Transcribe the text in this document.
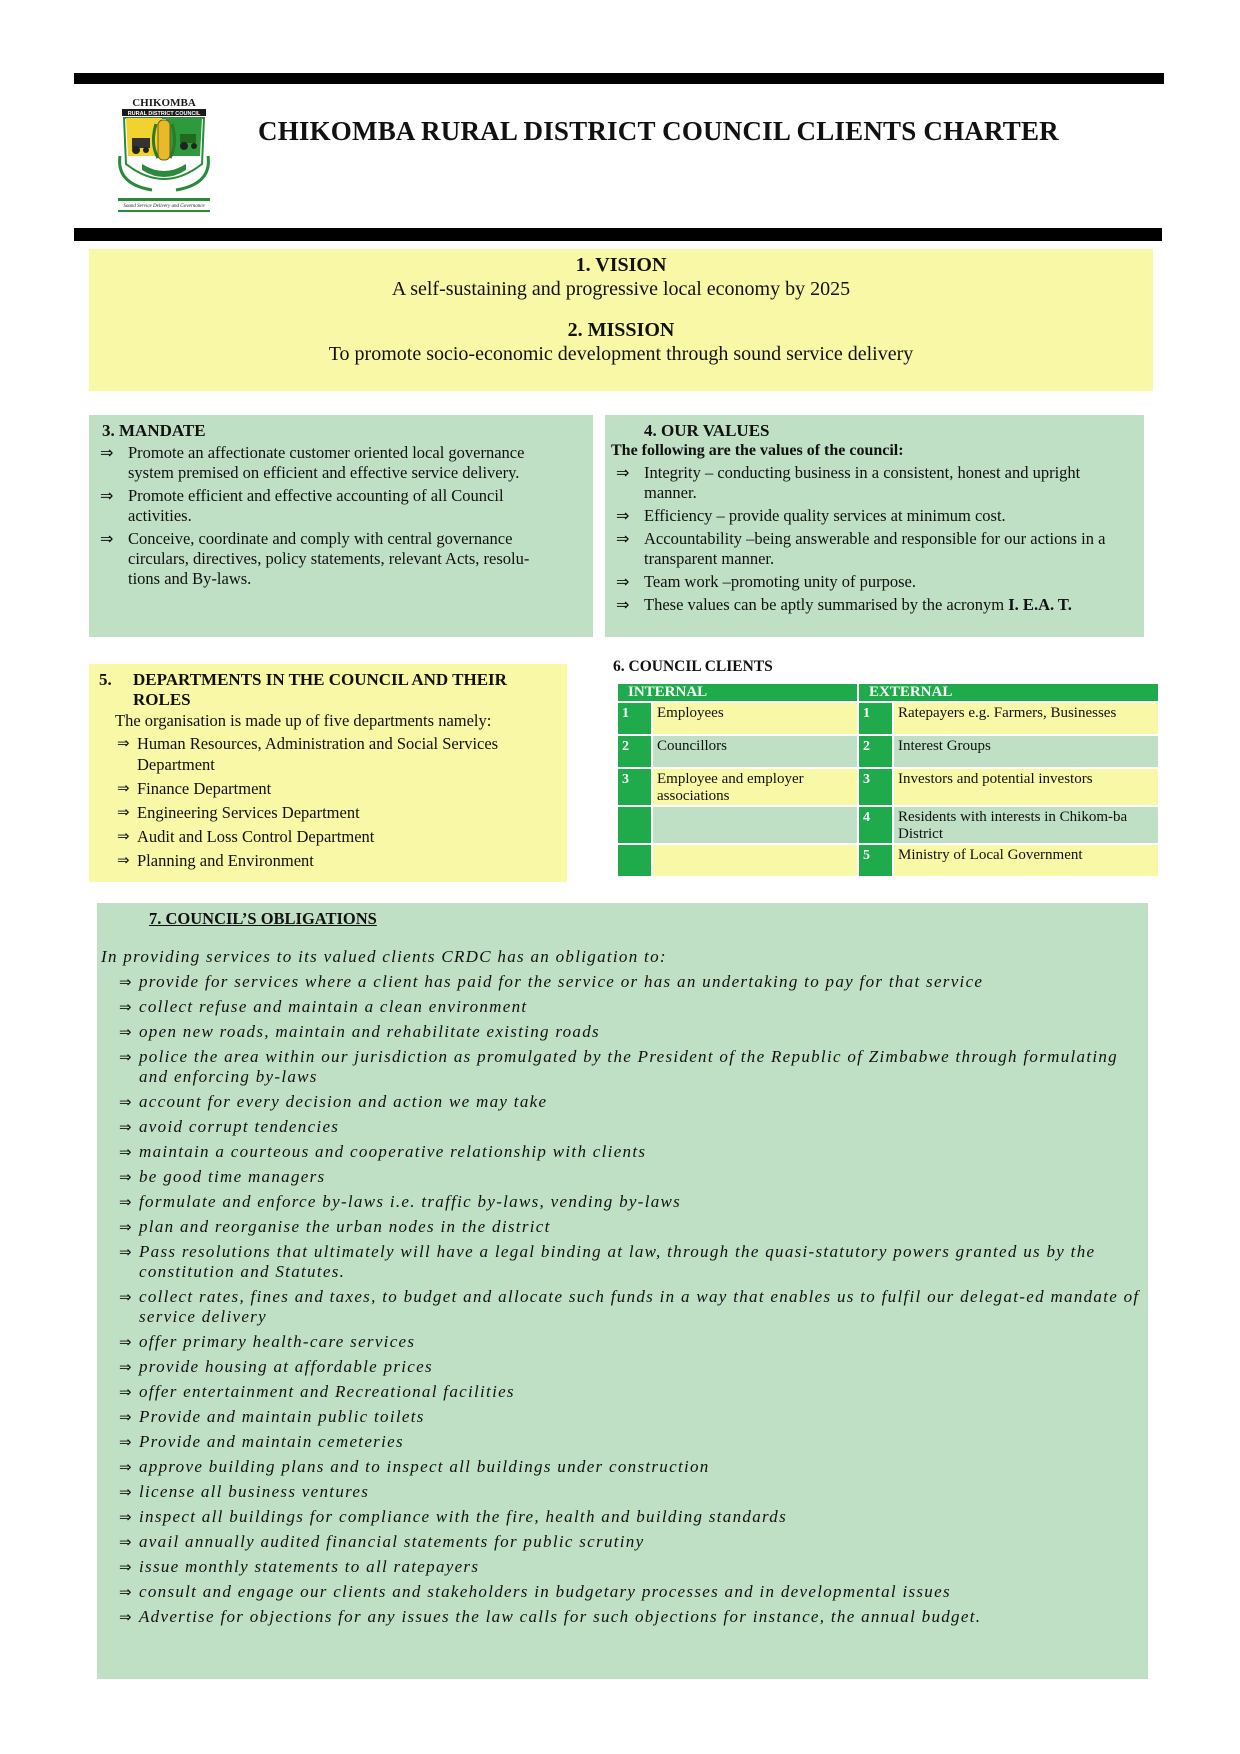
CHIKOMBA
RURAL DISTRICT COUNCIL
Sound Service Delivery and Governance
CHIKOMBA RURAL DISTRICT COUNCIL CLIENTS CHARTER
1. VISION
A self-sustaining and progressive local economy by 2025
2. MISSION
To promote socio-economic development through sound service delivery
3. MANDATE
⇒ Promote an affectionate customer oriented local governance system premised on efficient and effective service delivery.
⇒ Promote efficient and effective accounting of all Council activities.
⇒ Conceive, coordinate and comply with central governance circulars, directives, policy statements, relevant Acts, resolu-tions and By-laws.
4. OUR VALUES
The following are the values of the council:
⇒ Integrity – conducting business in a consistent, honest and upright manner.
⇒ Efficiency – provide quality services at minimum cost.
⇒ Accountability –being answerable and responsible for our actions in a transparent manner.
⇒ Team work –promoting unity of purpose.
⇒ These values can be aptly summarised by the acronym I. E.A. T.
5. DEPARTMENTS IN THE COUNCIL AND THEIR ROLES
The organisation is made up of five departments namely:
⇒ Human Resources, Administration and Social Services Department
⇒ Finance Department
⇒ Engineering Services Department
⇒ Audit and Loss Control Department
⇒ Planning and Environment
6. COUNCIL CLIENTS
INTERNAL		EXTERNAL	
1	Employees	1	Ratepayers e.g. Farmers, Businesses
2	Councillors	2	Interest Groups
3	Employee and employer associations	3	Investors and potential investors
		4	Residents with interests in Chikom-ba District
		5	Ministry of Local Government
7. COUNCIL’S OBLIGATIONS
In providing services to its valued clients CRDC has an obligation to:
⇒ provide for services where a client has paid for the service or has an undertaking to pay for that service
⇒ collect refuse and maintain a clean environment
⇒ open new roads, maintain and rehabilitate existing roads
⇒ police the area within our jurisdiction as promulgated by the President of the Republic of Zimbabwe through formulating and enforcing by-laws
⇒ account for every decision and action we may take
⇒ avoid corrupt tendencies
⇒ maintain a courteous and cooperative relationship with clients
⇒ be good time managers
⇒ formulate and enforce by-laws i.e. traffic by-laws, vending by-laws
⇒ plan and reorganise the urban nodes in the district
⇒ Pass resolutions that ultimately will have a legal binding at law, through the quasi-statutory powers granted us by the constitution and Statutes.
⇒ collect rates, fines and taxes, to budget and allocate such funds in a way that enables us to fulfil our delegat-ed mandate of service delivery
⇒ offer primary health-care services
⇒ provide housing at affordable prices
⇒ offer entertainment and Recreational facilities
⇒ Provide and maintain public toilets
⇒ Provide and maintain cemeteries
⇒ approve building plans and to inspect all buildings under construction
⇒ license all business ventures
⇒ inspect all buildings for compliance with the fire, health and building standards
⇒ avail annually audited financial statements for public scrutiny
⇒ issue monthly statements to all ratepayers
⇒ consult and engage our clients and stakeholders in budgetary processes and in developmental issues
⇒ Advertise for objections for any issues the law calls for such objections for instance, the annual budget.
